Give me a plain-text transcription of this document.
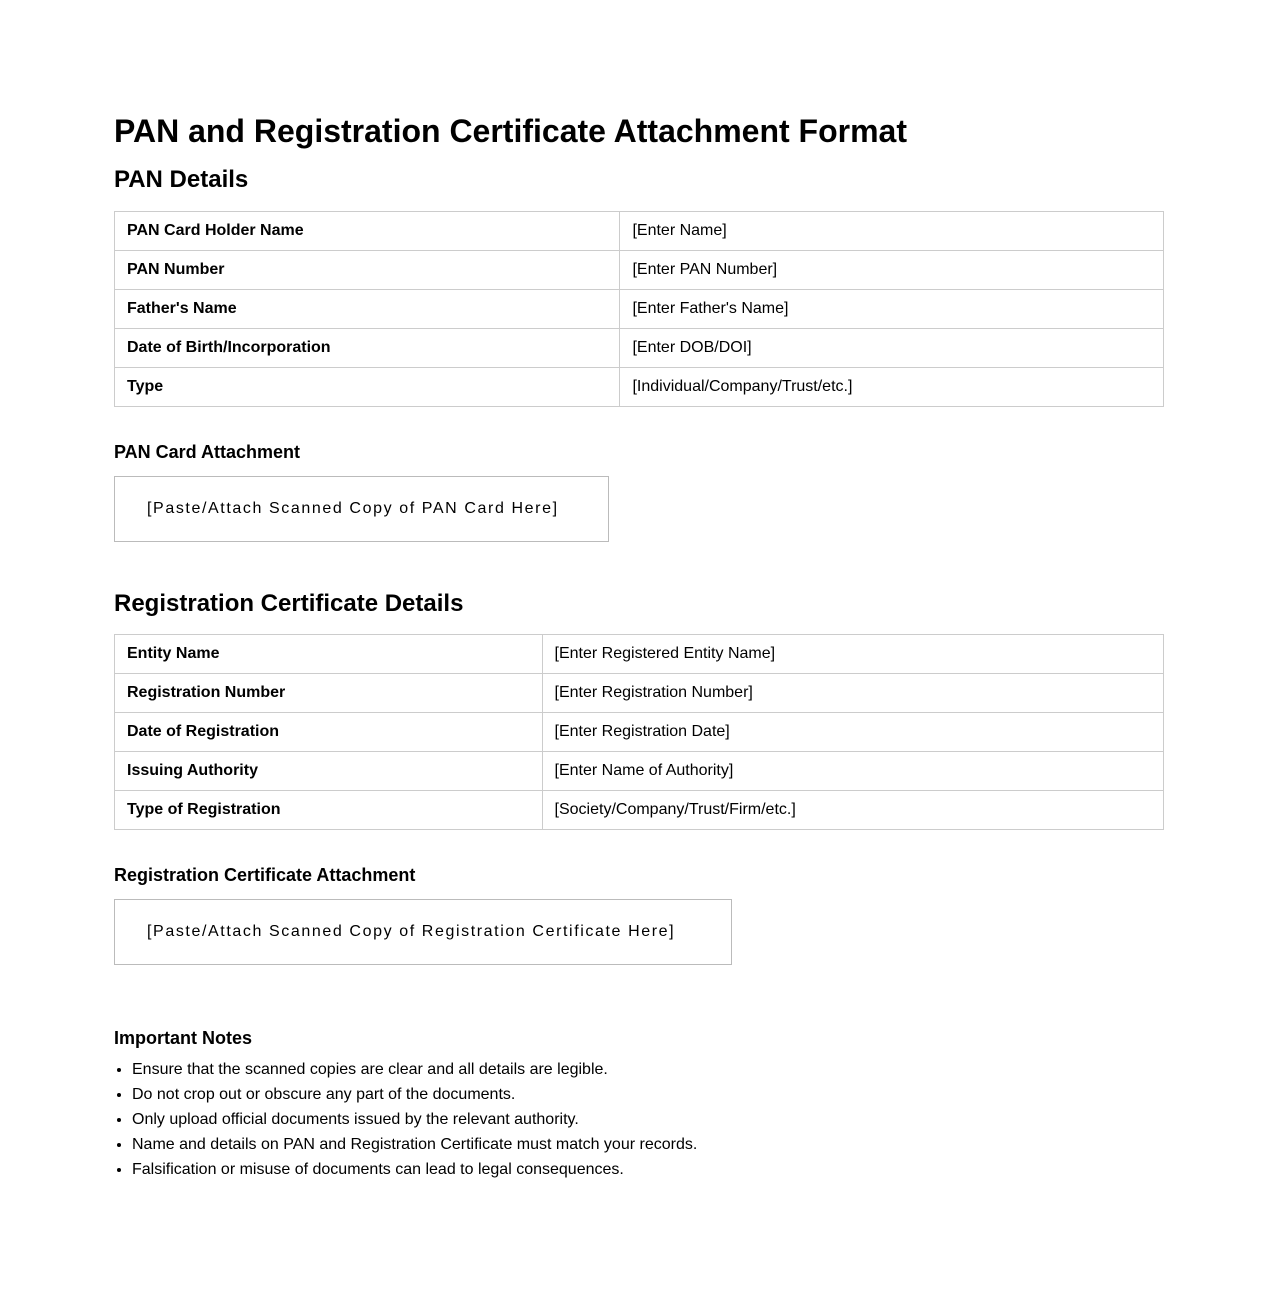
PAN and Registration Certificate Attachment Format
PAN Details
PAN Card Holder Name	[Enter Name]
PAN Number	[Enter PAN Number]
Father's Name	[Enter Father's Name]
Date of Birth/Incorporation	[Enter DOB/DOI]
Type	[Individual/Company/Trust/etc.]
PAN Card Attachment
[Paste/Attach Scanned Copy of PAN Card Here]
Registration Certificate Details
Entity Name	[Enter Registered Entity Name]
Registration Number	[Enter Registration Number]
Date of Registration	[Enter Registration Date]
Issuing Authority	[Enter Name of Authority]
Type of Registration	[Society/Company/Trust/Firm/etc.]
Registration Certificate Attachment
[Paste/Attach Scanned Copy of Registration Certificate Here]
Important Notes
• Ensure that the scanned copies are clear and all details are legible.
• Do not crop out or obscure any part of the documents.
• Only upload official documents issued by the relevant authority.
• Name and details on PAN and Registration Certificate must match your records.
• Falsification or misuse of documents can lead to legal consequences.
